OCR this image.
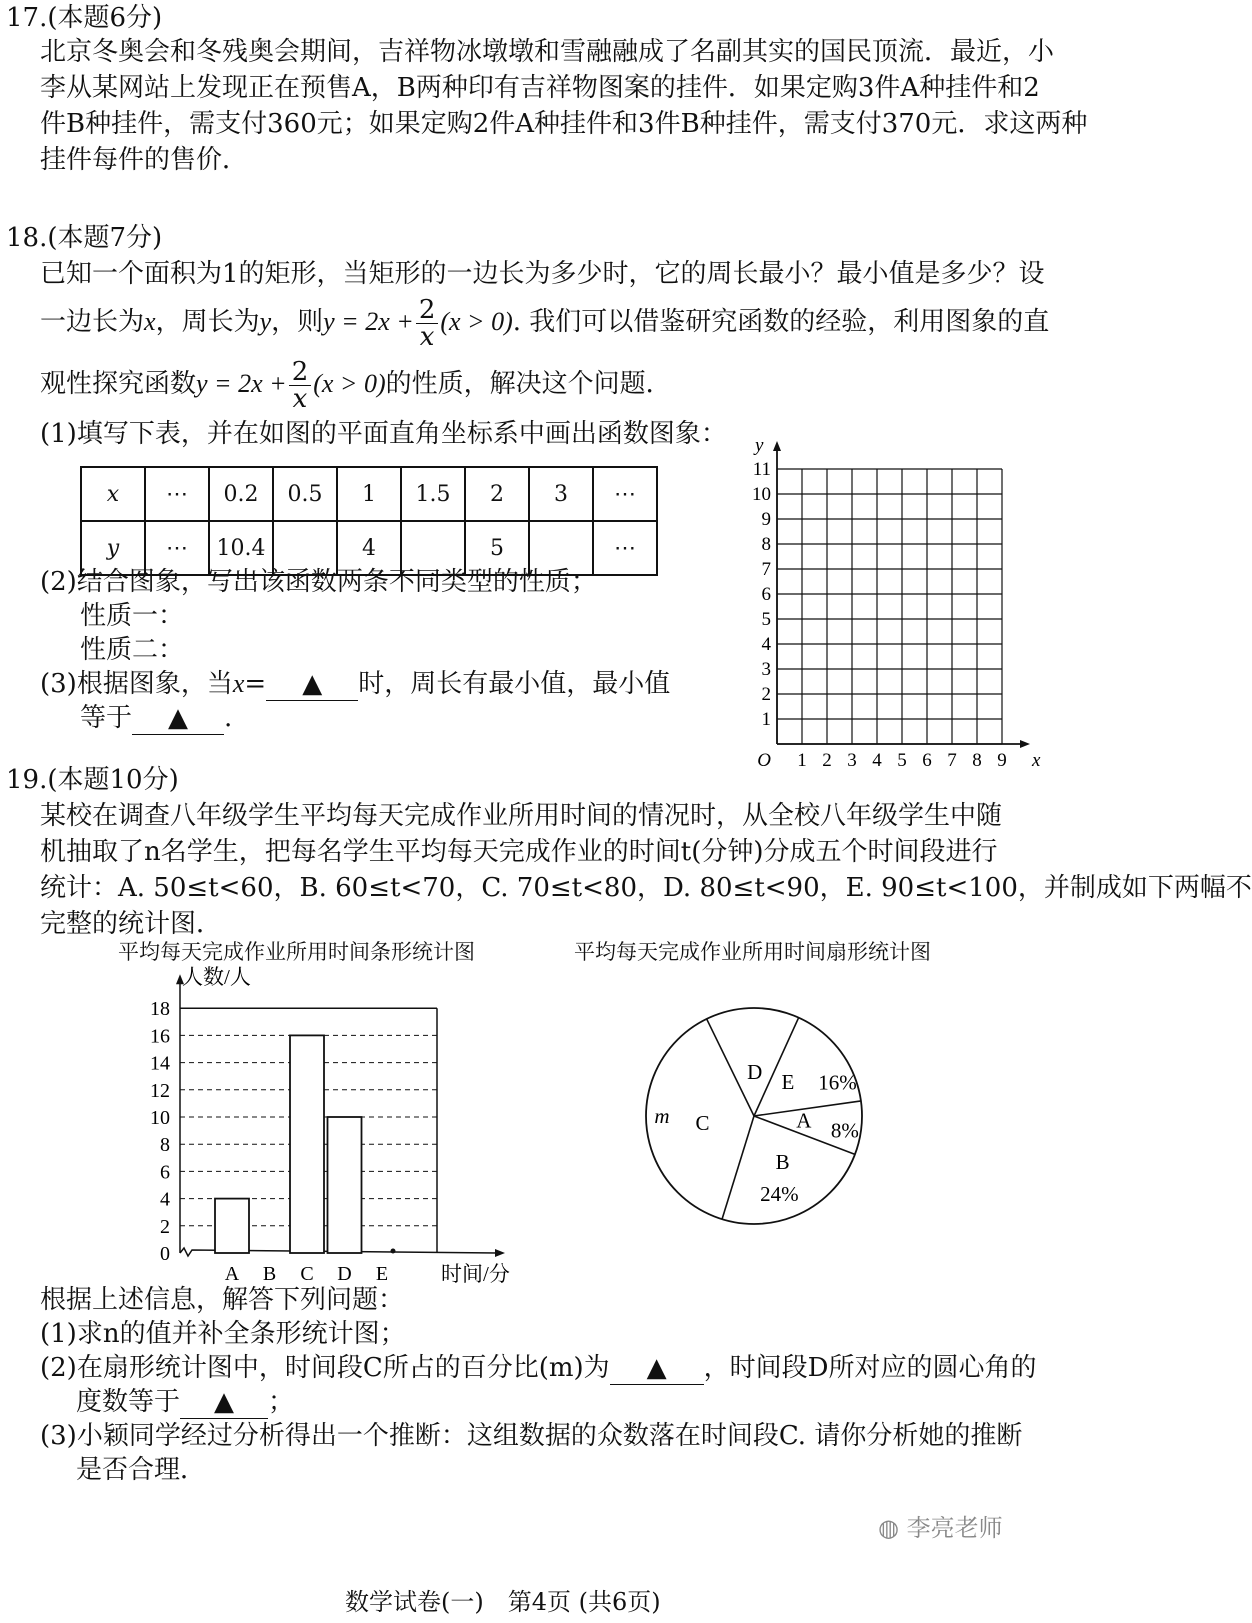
17.(本题6分)
北京冬奥会和冬残奥会期间，吉祥物冰墩墩和雪融融成了名副其实的国民顶流．最近，小
李从某网站上发现正在预售A，B两种印有吉祥物图案的挂件．如果定购3件A种挂件和2
件B种挂件，需支付360元；如果定购2件A种挂件和3件B种挂件，需支付370元．求这两种
挂件每件的售价．
18.(本题7分)
已知一个面积为1的矩形，当矩形的一边长为多少时，它的周长最小？最小值是多少？设
一边长为x，周长为y，则$y = 2x + \frac{2}{x} (x > 0)$. 我们可以借鉴研究函数的经验，利用图象的直
观性探究函数$y = 2x + \frac{2}{x} (x > 0)$的性质，解决这个问题．
(1)填写下表，并在如图的平面直角坐标系中画出函数图象：
x	⋯	0.2	0.5	1	1.5	2	3	⋯
y	⋯	10.4		4		5		⋯
(2)结合图象，写出该函数两条不同类型的性质；
性质一：
性质二：
(3)根据图象，当x= ▲ 时，周长有最小值，最小值
等于 ▲ .
1 2 3 4 5 6 7 8 9
1
2
3
4
5
6
7
8
9
10
11
O	x
y
19.(本题10分)
某校在调查八年级学生平均每天完成作业所用时间的情况时，从全校八年级学生中随
机抽取了n名学生，把每名学生平均每天完成作业的时间t(分钟)分成五个时间段进行
统计：A. 50≤t<60，B. 60≤t<70，C. 70≤t<80，D. 80≤t<90，E. 90≤t<100，并制成如下两幅不
完整的统计图．
平均每天完成作业所用时间条形统计图	平均每天完成作业所用时间扇形统计图
0
2
4
6
8
10
12
14
16
18
A B C D E
人数/人
时间/分
E 16%
A 8%
B
24%
D
C
m
根据上述信息，解答下列问题：
(1)求n的值并补全条形统计图；
(2)在扇形统计图中，时间段C所占的百分比(m)为 ▲ ，时间段D所对应的圆心角的
度数等于 ▲ ；
(3)小颖同学经过分析得出一个推断：这组数据的众数落在时间段C. 请你分析她的推断
是否合理．
◍ 李亮老师
数学试卷(一)　第4页 (共6页)
